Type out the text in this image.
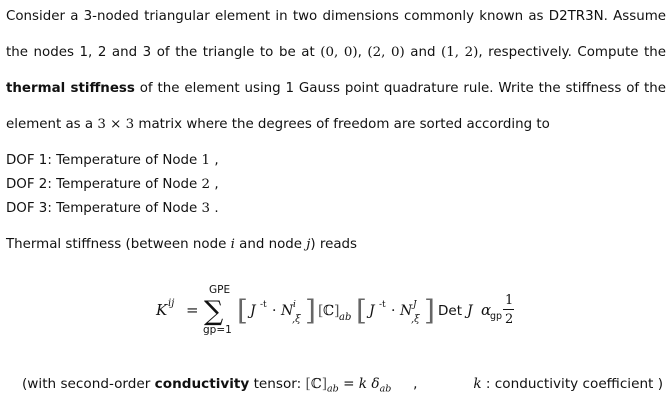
Consider a 3-noded triangular element in two dimensions commonly known as D2TR3N. Assume

the nodes 1, 2 and 3 of the triangle to be at (0, 0), (2, 0) and (1, 2), respectively. Compute the

thermal stiffness of the element using 1 Gauss point quadrature rule. Write the stiffness of the

element as a 3 × 3 matrix where the degrees of freedom are sorted according to

DOF 1: Temperature of Node 1 ,

DOF 2: Temperature of Node 2 ,

DOF 3: Temperature of Node 3 .

Thermal stiffness (between node i and node j) reads

K ij =
GPE
∑
gp=1
[ J -t · N i
,ξ ] [ ℂ ] ab [ J -t · N J
,ξ ] Det J α
gp
1
2
(with second-order conductivity tensor: $[ℂ]_{ab} = k$ $\delta_{ab}$ ,	k : conductivity coefficient )
